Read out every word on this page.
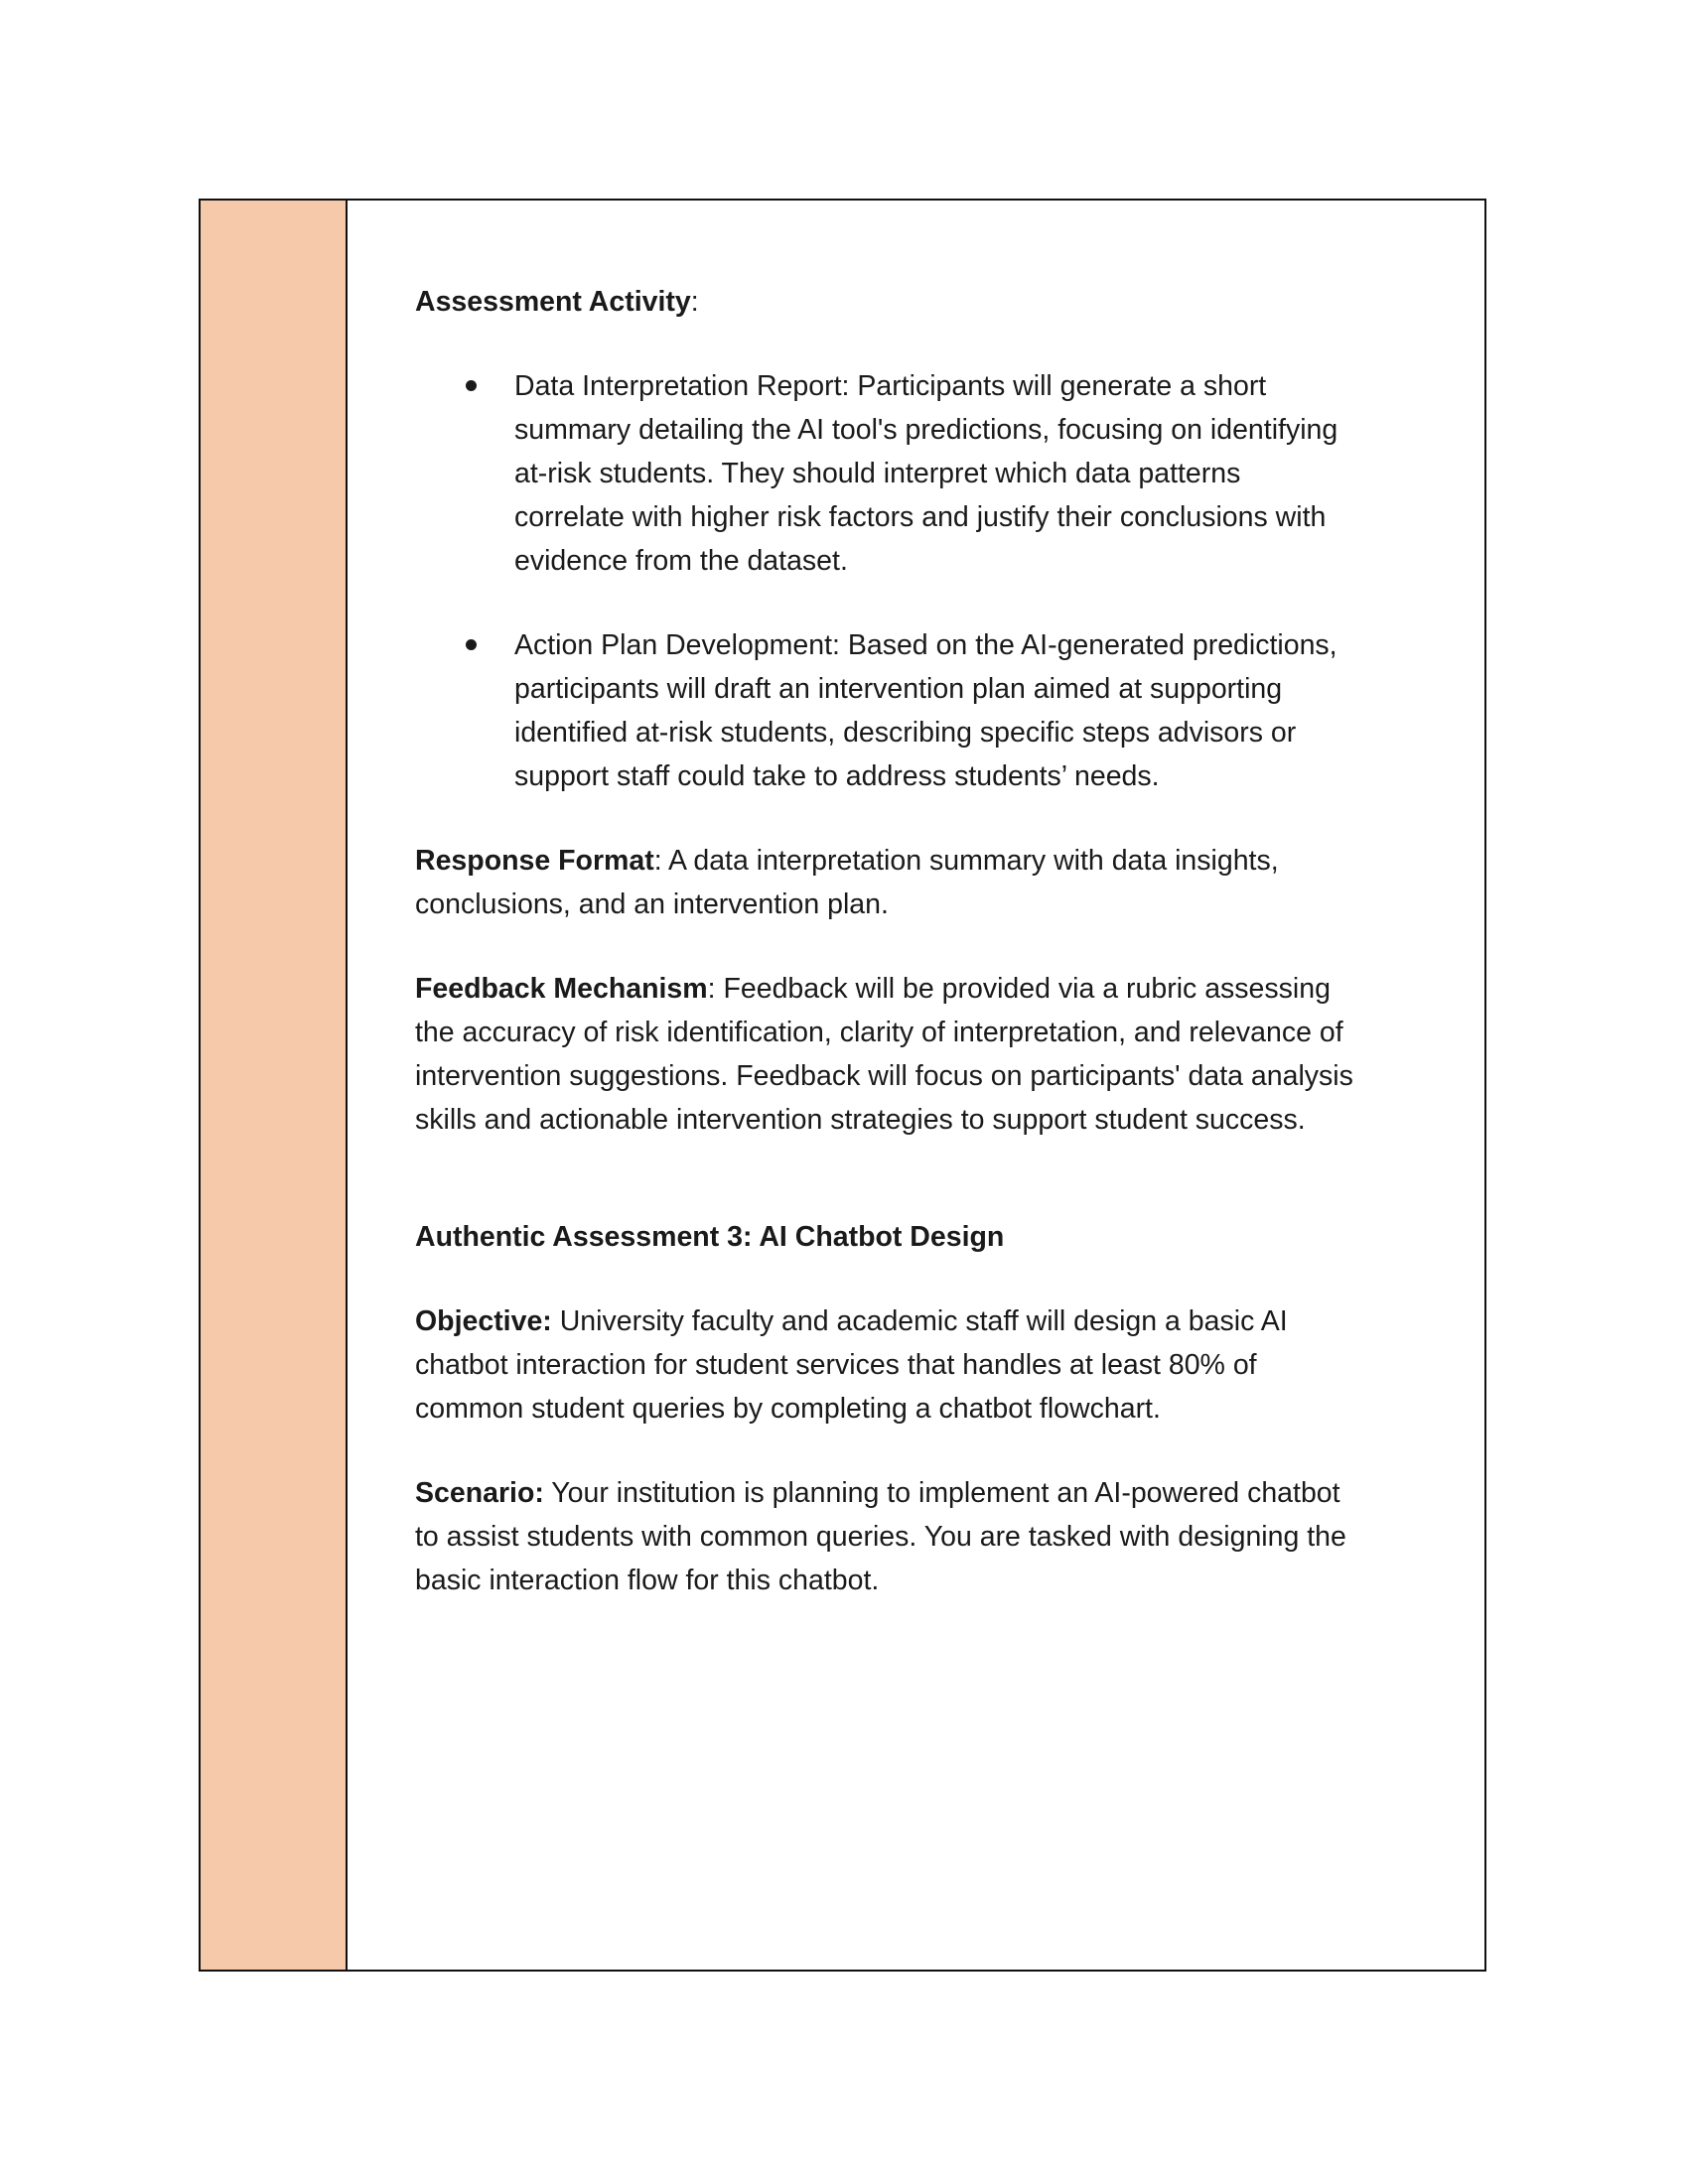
Assessment Activity:

Data Interpretation Report: Participants will generate a short summary detailing the AI tool's predictions, focusing on identifying at-risk students. They should interpret which data patterns correlate with higher risk factors and justify their conclusions with evidence from the dataset.
Action Plan Development: Based on the AI-generated predictions, participants will draft an intervention plan aimed at supporting identified at-risk students, describing specific steps advisors or support staff could take to address students’ needs.

Response Format: A data interpretation summary with data insights, conclusions, and an intervention plan.

Feedback Mechanism: Feedback will be provided via a rubric assessing the accuracy of risk identification, clarity of interpretation, and relevance of intervention suggestions. Feedback will focus on participants' data analysis skills and actionable intervention strategies to support student success.

Authentic Assessment 3: AI Chatbot Design

Objective: University faculty and academic staff will design a basic AI chatbot interaction for student services that handles at least 80% of common student queries by completing a chatbot flowchart.

Scenario: Your institution is planning to implement an AI-powered chatbot to assist students with common queries. You are tasked with designing the basic interaction flow for this chatbot.
